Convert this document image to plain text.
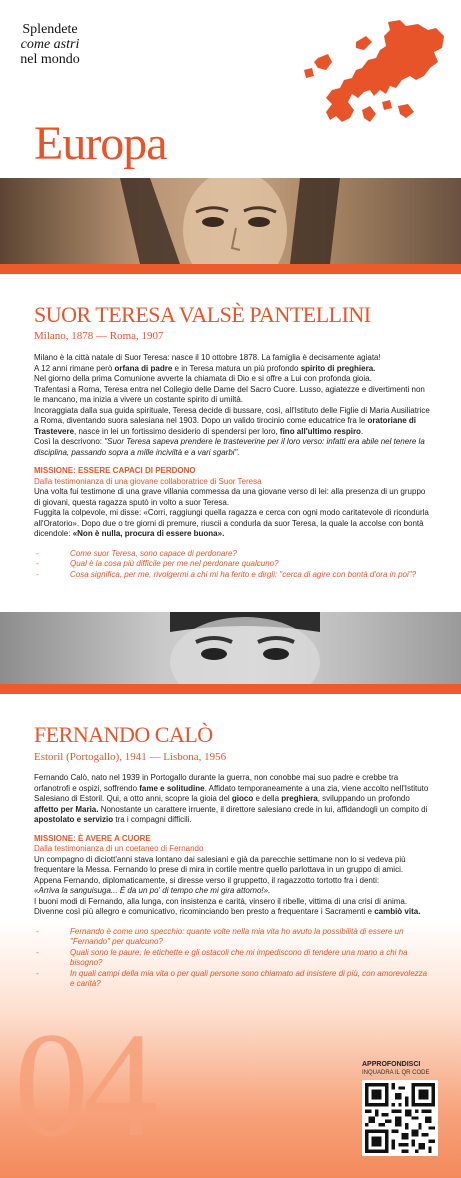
Splendete
come astri
nel mondo
Europa
SUOR TERESA VALSÈ PANTELLINI
Milano, 1878 — Roma, 1907

Milano è la città natale di Suor Teresa: nasce il 10 ottobre 1878. La famiglia è decisamente agiata!

A 12 anni rimane però orfana di padre e in Teresa matura un più profondo spirito di preghiera.

Nel giorno della prima Comunione avverte la chiamata di Dio e si offre a Lui con profonda gioia.

Trafentasi a Roma, Teresa entra nel Collegio delle Dame del Sacro Cuore. Lusso, agiatezze e divertimenti non le mancano, ma inizia a vivere un costante spirito di umiltà.

Incoraggiata dalla sua guida spirituale, Teresa decide di bussare, così, all'Istituto delle Figlie di Maria Ausiliatrice a Roma, diventando suora salesiana nel 1903. Dopo un valido tirocinio come educatrice fra le oratoriane di Trastevere, nasce in lei un fortissimo desiderio di spendersi per loro, fino all'ultimo respiro.

Così la descrivono: "Suor Teresa sapeva prendere le trasteverine per il loro verso: infatti era abile nel tenere la disciplina, passando sopra a mille inciviltà e a vari sgarbi".

MISSIONE: ESSERE CAPACI DI PERDONO
Dalla testimonianza di una giovane collaboratrice di Suor Teresa

Una volta fui testimone di una grave villania commessa da una giovane verso di lei: alla presenza di un gruppo di giovani, questa ragazza sputò in volto a suor Teresa.

Fuggita la colpevole, mi disse: «Corri, raggiungi quella ragazza e cerca con ogni modo caritatevole di ricondurla all'Oratorio». Dopo due o tre giorni di premure, riuscii a condurla da suor Teresa, la quale la accolse con bontà dicendole: «Non è nulla, procura di essere buona».

- Come suor Teresa, sono capace di perdonare?
- Qual è la cosa più difficile per me nel perdonare qualcuno?
- Cosa significa, per me, rivolgermi a chi mi ha ferito e dirgli: "cerca di agire con bontà d'ora in poi"?
FERNANDO CALÒ
Estoril (Portogallo), 1941 — Lisbona, 1956

Fernando Calò, nato nel 1939 in Portogallo durante la guerra, non conobbe mai suo padre e crebbe tra orfanotrofi e ospizi, soffrendo fame e solitudine. Affidato temporaneamente a una zia, viene accolto nell'Istituto Salesiano di Estoril. Qui, a otto anni, scopre la gioia del gioco e della preghiera, sviluppando un profondo affetto per Maria. Nonostante un carattere irruente, il direttore salesiano crede in lui, affidandogli un compito di apostolato e servizio tra i compagni difficili.

MISSIONE: È AVERE A CUORE
Dalla testimonianza di un coetaneo di Fernando

Un compagno di diciott'anni stava lontano dai salesiani e già da parecchie settimane non lo si vedeva più frequentare la Messa. Fernando lo prese di mira in cortile mentre quello parlottava in un gruppo di amici.

Appena Fernando, diplomaticamente, si diresse verso il gruppetto, il ragazzotto tortotto fra i denti:

«Arriva la sanguisuga... È da un po' di tempo che mi gira attorno!».

I buoni modi di Fernando, alla lunga, con insistenza e carità, vinsero il ribelle, vittima di una crisi di anima. Divenne così più allegro e comunicativo, ricominciando ben presto a frequentare i Sacramenti e cambiò vita.

- Fernando è come uno specchio: quante volte nella mia vita ho avuto la possibilità di essere un "Fernando" per qualcuno?
- Quali sono le paure, le etichette e gli ostacoli che mi impediscono di tendere una mano a chi ha bisogno?
- In quali campi della mia vita o per quali persone sono chiamato ad insistere di più, con amorevolezza e carità?
04	APPROFONDISCI
INQUADRA IL QR CODE
